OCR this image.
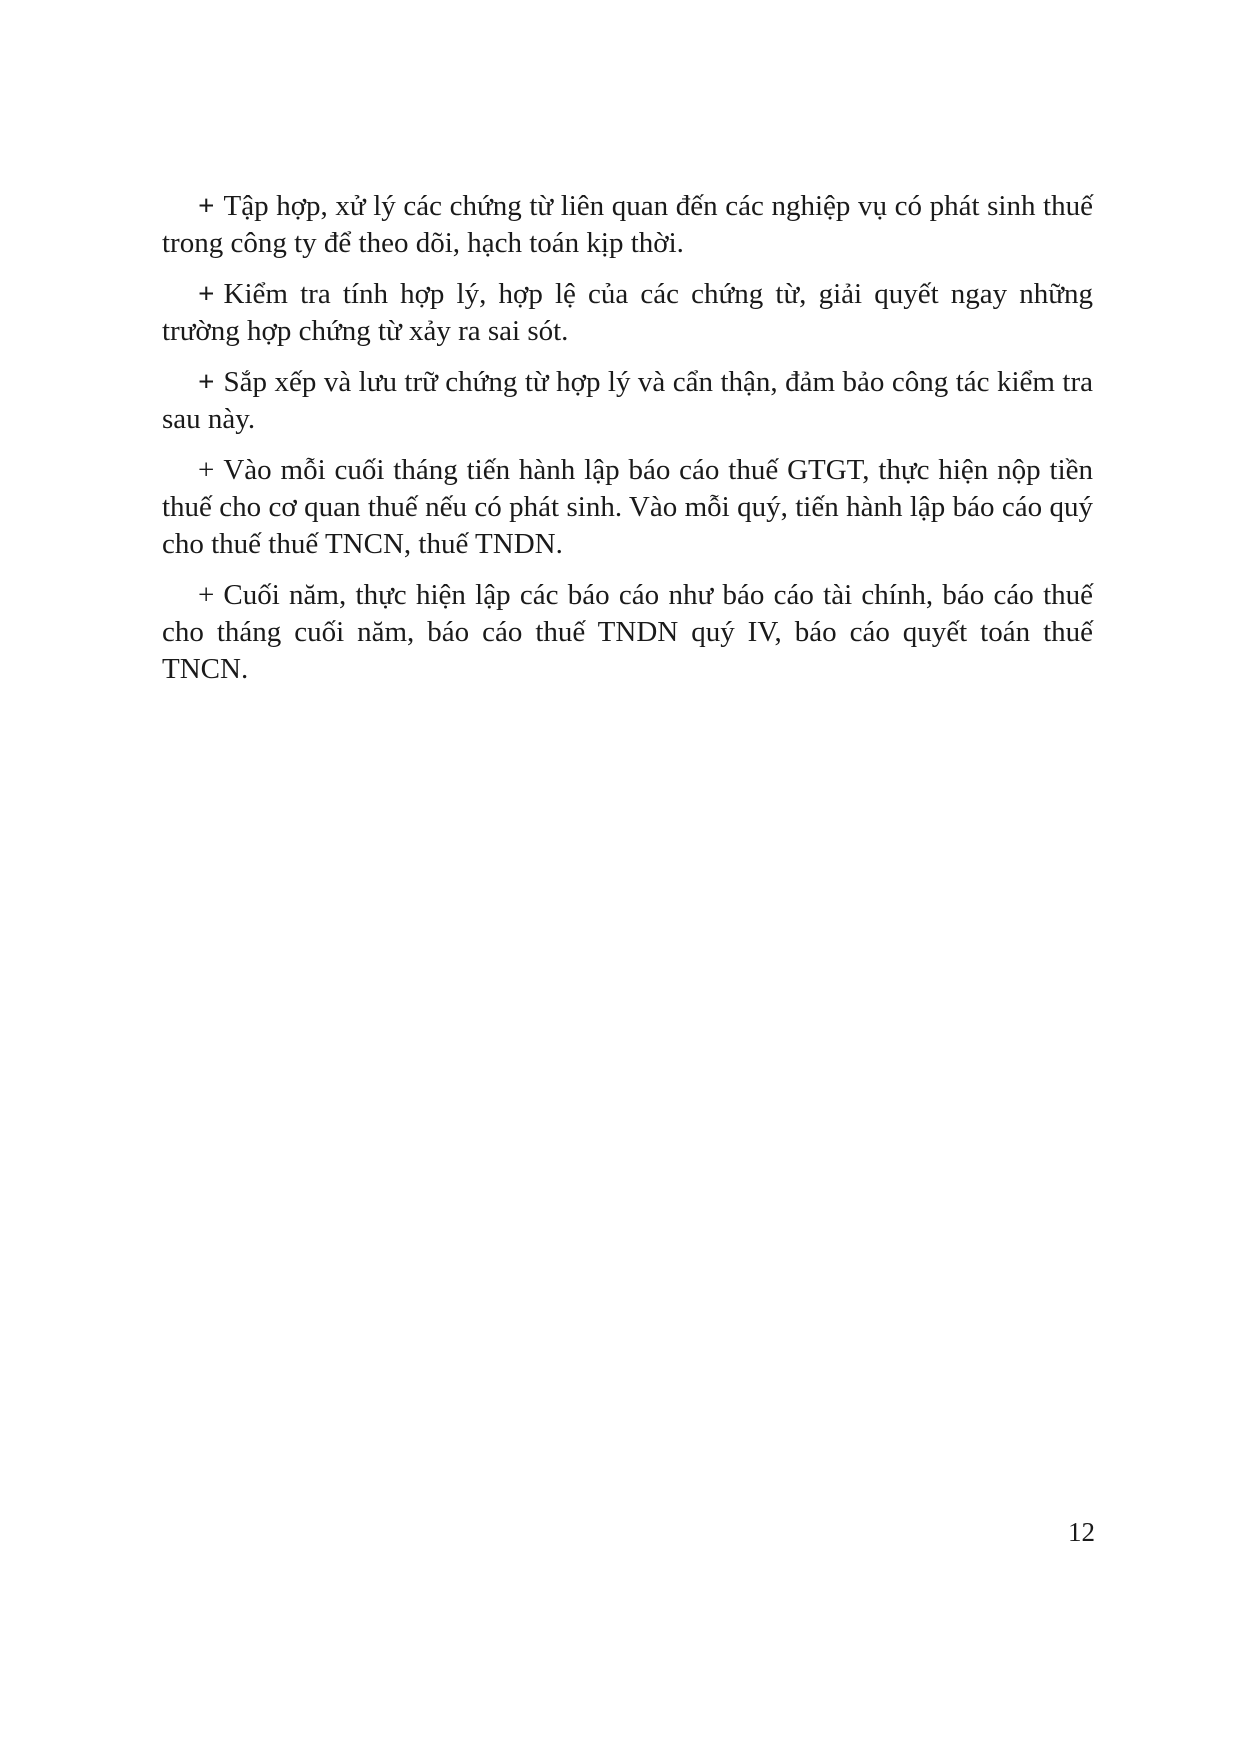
+ Tập hợp, xử lý các chứng từ liên quan đến các nghiệp vụ có phát sinh thuế trong công ty để theo dõi, hạch toán kịp thời.

+ Kiểm tra tính hợp lý, hợp lệ của các chứng từ, giải quyết ngay những trường hợp chứng từ xảy ra sai sót.

+ Sắp xếp và lưu trữ chứng từ hợp lý và cẩn thận, đảm bảo công tác kiểm tra sau này.

+ Vào mỗi cuối tháng tiến hành lập báo cáo thuế GTGT, thực hiện nộp tiền thuế cho cơ quan thuế nếu có phát sinh. Vào mỗi quý, tiến hành lập báo cáo quý cho thuế thuế TNCN, thuế TNDN.

+ Cuối năm, thực hiện lập các báo cáo như báo cáo tài chính, báo cáo thuế cho tháng cuối năm, báo cáo thuế TNDN quý IV, báo cáo quyết toán thuế TNCN.

12
